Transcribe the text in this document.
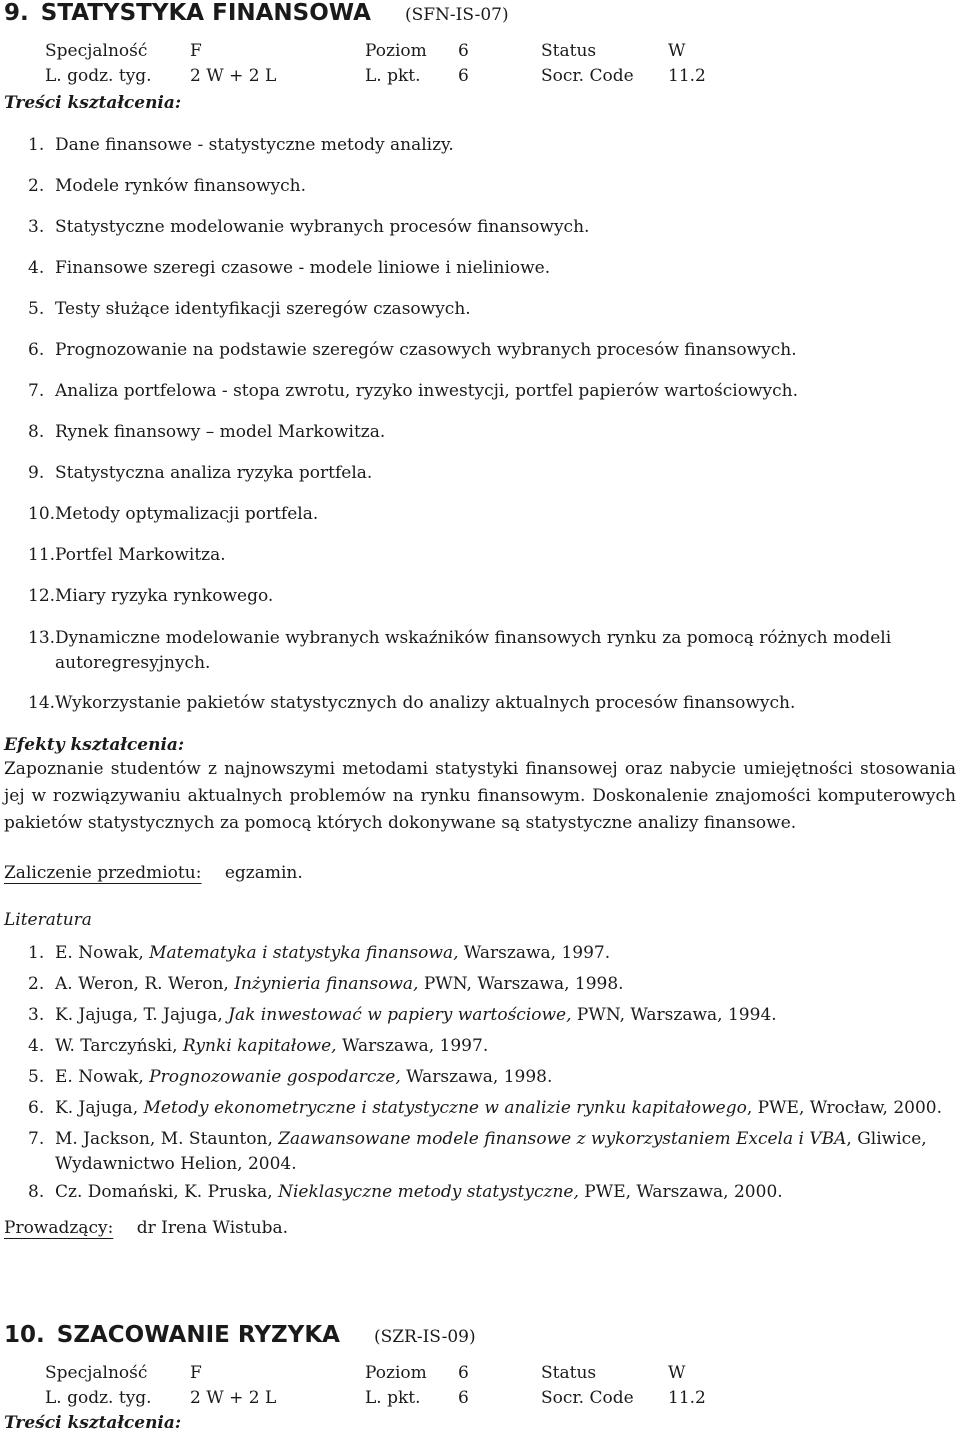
9. STATYSTYKA FINANSOWA (SFN-IS-07)
Specjalność	F	Poziom 6	Status	W
L. godz. tyg. 2 W + 2 L	L. pkt. 6	Socr. Code 11.2
Treści kształcenia:
1. Dane finansowe - statystyczne metody analizy.
2. Modele rynków finansowych.
3. Statystyczne modelowanie wybranych procesów finansowych.
4. Finansowe szeregi czasowe - modele liniowe i nieliniowe.
5. Testy służące identyfikacji szeregów czasowych.
6. Prognozowanie na podstawie szeregów czasowych wybranych procesów finansowych.
7. Analiza portfelowa - stopa zwrotu, ryzyko inwestycji, portfel papierów wartościowych.
8. Rynek finansowy – model Markowitza.
9. Statystyczna analiza ryzyka portfela.
10. Metody optymalizacji portfela.
11. Portfel Markowitza.
12. Miary ryzyka rynkowego.
13. Dynamiczne modelowanie wybranych wskaźników finansowych rynku za pomocą różnych modeli autoregresyjnych.
14. Wykorzystanie pakietów statystycznych do analizy aktualnych procesów finansowych.
Efekty kształcenia:
Zapoznanie studentów z najnowszymi metodami statystyki finansowej oraz nabycie umiejętności stosowania jej w rozwiązywaniu aktualnych problemów na rynku finansowym. Doskonalenie znajomości komputerowych pakietów statystycznych za pomocą których dokonywane są statystyczne analizy finansowe.
Zaliczenie przedmiotu: egzamin.
Literatura
1. E. Nowak, Matematyka i statystyka finansowa, Warszawa, 1997.
2. A. Weron, R. Weron, Inżynieria finansowa, PWN, Warszawa, 1998.
3. K. Jajuga, T. Jajuga, Jak inwestować w papiery wartościowe, PWN, Warszawa, 1994.
4. W. Tarczyński, Rynki kapitałowe, Warszawa, 1997.
5. E. Nowak, Prognozowanie gospodarcze, Warszawa, 1998.
6. K. Jajuga, Metody ekonometryczne i statystyczne w analizie rynku kapitałowego, PWE, Wrocław, 2000.
7. M. Jackson, M. Staunton, Zaawansowane modele finansowe z wykorzystaniem Excela i VBA, Gliwice, Wydawnictwo Helion, 2004.
8. Cz. Domański, K. Pruska, Nieklasyczne metody statystyczne, PWE, Warszawa, 2000.
Prowadzący: dr Irena Wistuba.
10. SZACOWANIE RYZYKA (SZR-IS-09)
Specjalność	F	Poziom 6	Status	W
L. godz. tyg. 2 W + 2 L	L. pkt. 6	Socr. Code 11.2
Treści kształcenia:
